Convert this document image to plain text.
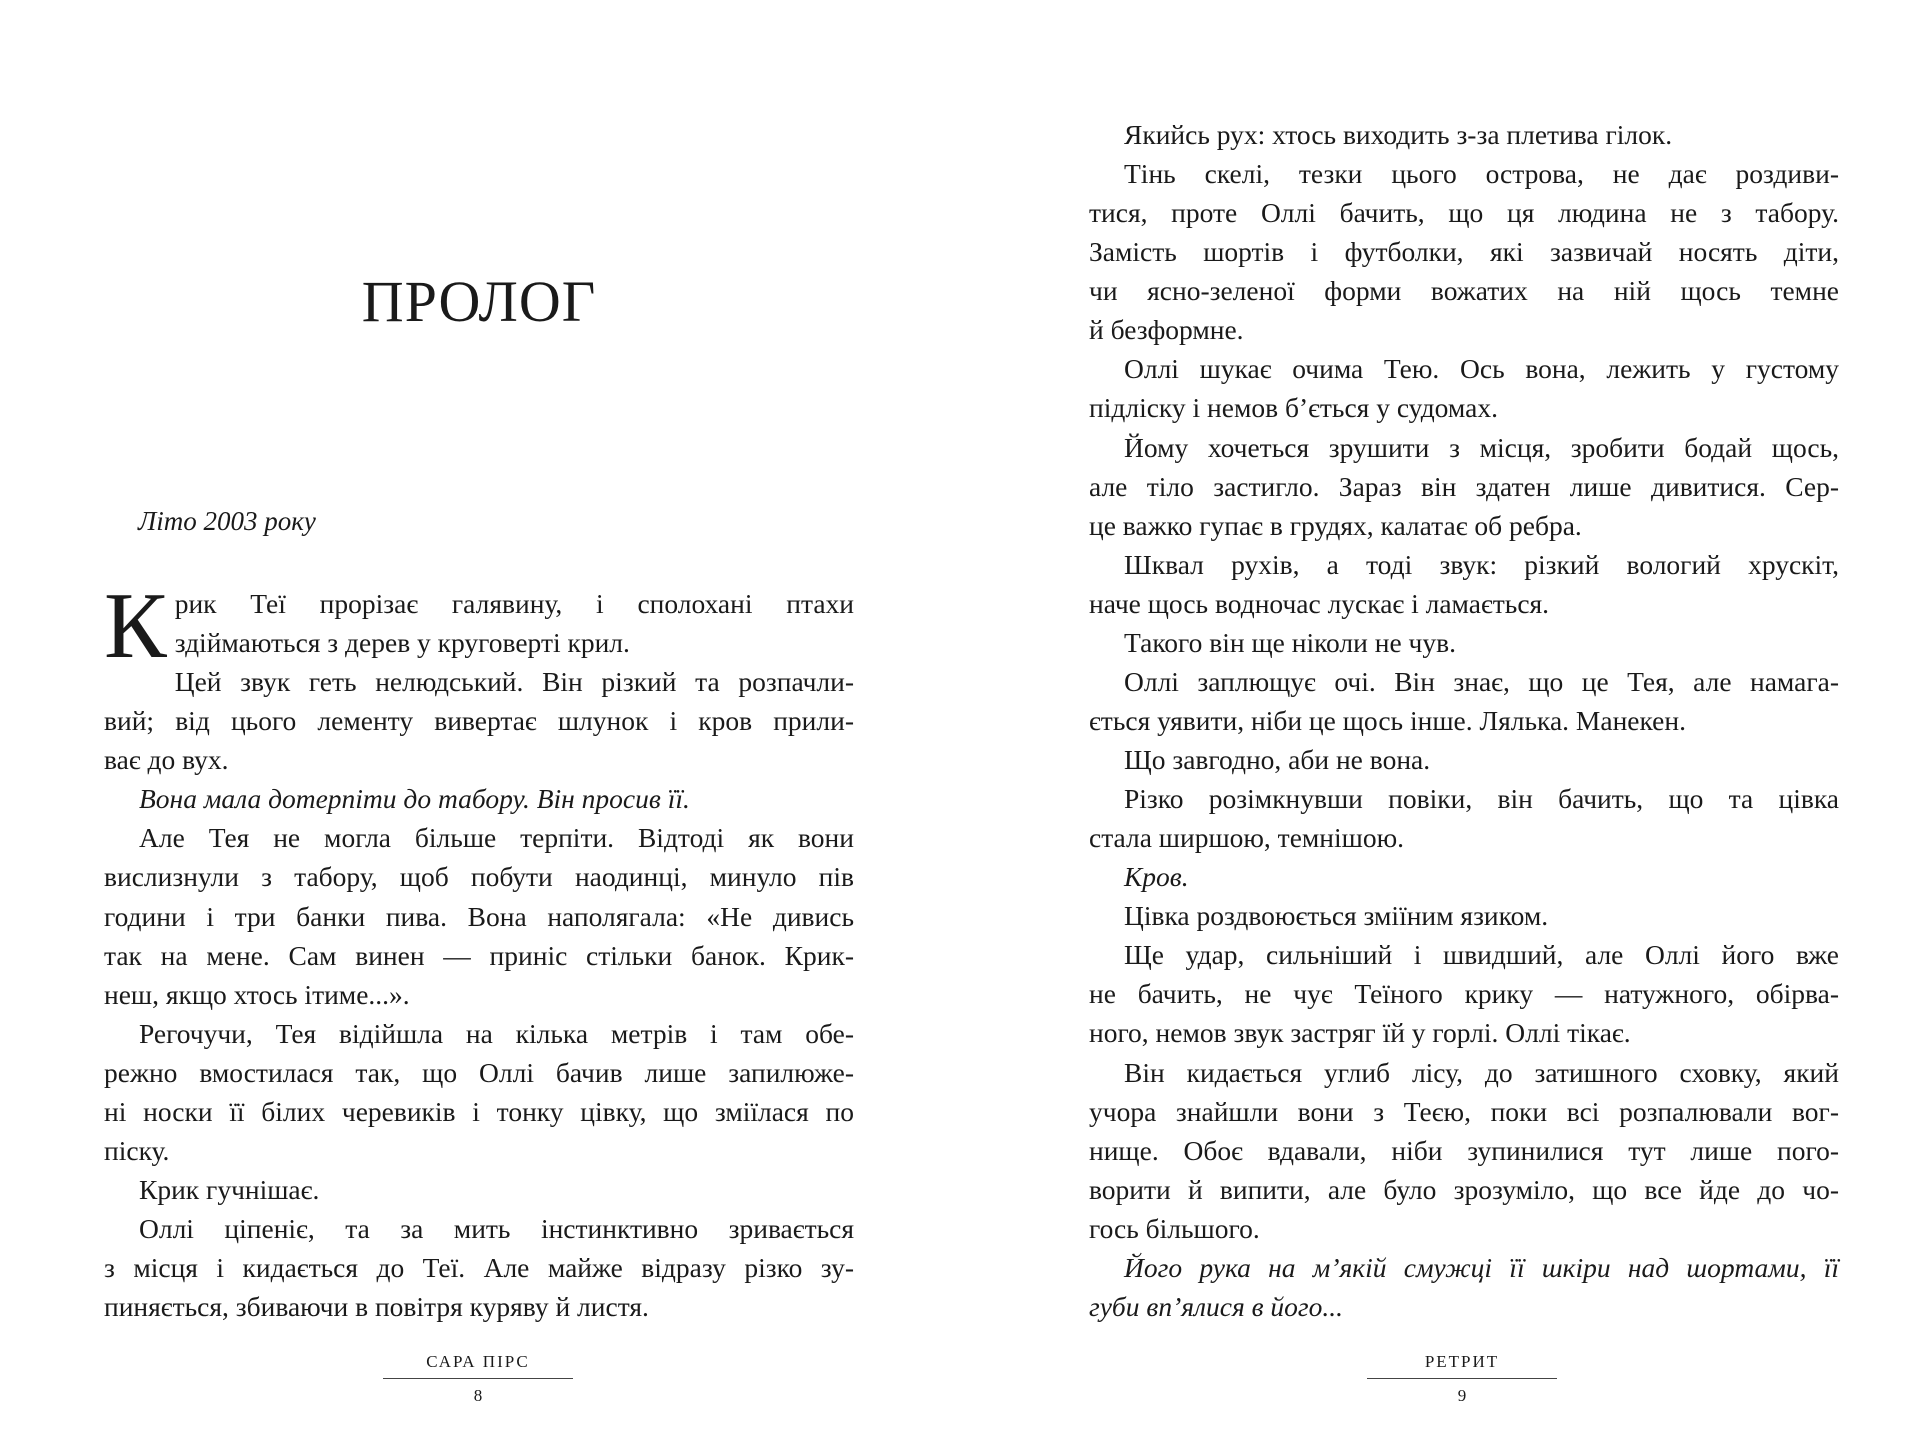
ПРОЛОГ
Літо 2003 року
К рик Теї прорізає галявину, і сполохані птахи
здіймаються з дерев у круговерті крил.
Цей звук геть нелюдський. Він різкий та розпачли-
вий; від цього лементу вивертає шлунок і кров прили-
ває до вух.
Вона мала дотерпіти до табору. Він просив її.
Але Тея не могла більше терпіти. Відтоді як вони
вислизнули з табору, щоб побути наодинці, минуло пів
години і три банки пива. Вона наполягала: «Не дивись
так на мене. Сам винен — приніс стільки банок. Крик-
неш, якщо хтось ітиме...».
Регочучи, Тея відійшла на кілька метрів і там обе-
режно вмостилася так, що Оллі бачив лише запилюже-
ні носки її білих черевиків і тонку цівку, що зміїлася по
піску.
Крик гучнішає.
Оллі ціпеніє, та за мить інстинктивно зривається
з місця і кидається до Теї. Але майже відразу різко зу-
пиняється, збиваючи в повітря куряву й листя.
Якийсь рух: хтось виходить з-за плетива гілок.
Тінь скелі, тезки цього острова, не дає роздиви-
тися, проте Оллі бачить, що ця людина не з табору.
Замість шортів і футболки, які зазвичай носять діти,
чи ясно-зеленої форми вожатих на ній щось темне
й безформне.
Оллі шукає очима Тею. Ось вона, лежить у густому
підліску і немов б’ється у судомах.
Йому хочеться зрушити з місця, зробити бодай щось,
але тіло застигло. Зараз він здатен лише дивитися. Сер-
це важко гупає в грудях, калатає об ребра.
Шквал рухів, а тоді звук: різкий вологий хрускіт,
наче щось водночас лускає і ламається.
Такого він ще ніколи не чув.
Оллі заплющує очі. Він знає, що це Тея, але намага-
ється уявити, ніби це щось інше. Лялька. Манекен.
Що завгодно, аби не вона.
Різко розімкнувши повіки, він бачить, що та цівка
стала ширшою, темнішою.
Кров.
Цівка роздвоюється зміїним язиком.
Ще удар, сильніший і швидший, але Оллі його вже
не бачить, не чує Теїного крику — натужного, обірва-
ного, немов звук застряг їй у горлі. Оллі тікає.
Він кидається углиб лісу, до затишного сховку, який
учора знайшли вони з Теєю, поки всі розпалювали вог-
нище. Обоє вдавали, ніби зупинилися тут лише пого-
ворити й випити, але було зрозуміло, що все йде до чо-
гось більшого.
Його рука на м’якій смужці її шкіри над шортами, її
губи вп’ялися в його...
САРА ПІРС
8
РЕТРИТ
9
